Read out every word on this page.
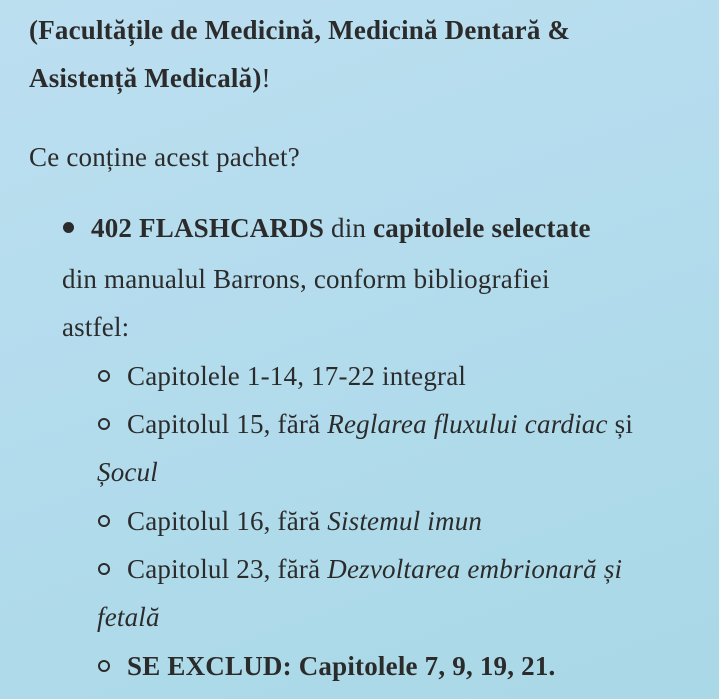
(Facultățile de Medicină, Medicină Dentară &
Asistență Medicală)!
Ce conține acest pachet?
402 FLASHCARDS din capitolele selectate
din manualul Barrons, conform bibliografiei
astfel:
Capitolele 1-14, 17-22 integral
Capitolul 15, fără Reglarea fluxului cardiac și
Șocul
Capitolul 16, fără Sistemul imun
Capitolul 23, fără Dezvoltarea embrionară și
fetală
SE EXCLUD: Capitolele 7, 9, 19, 21.
